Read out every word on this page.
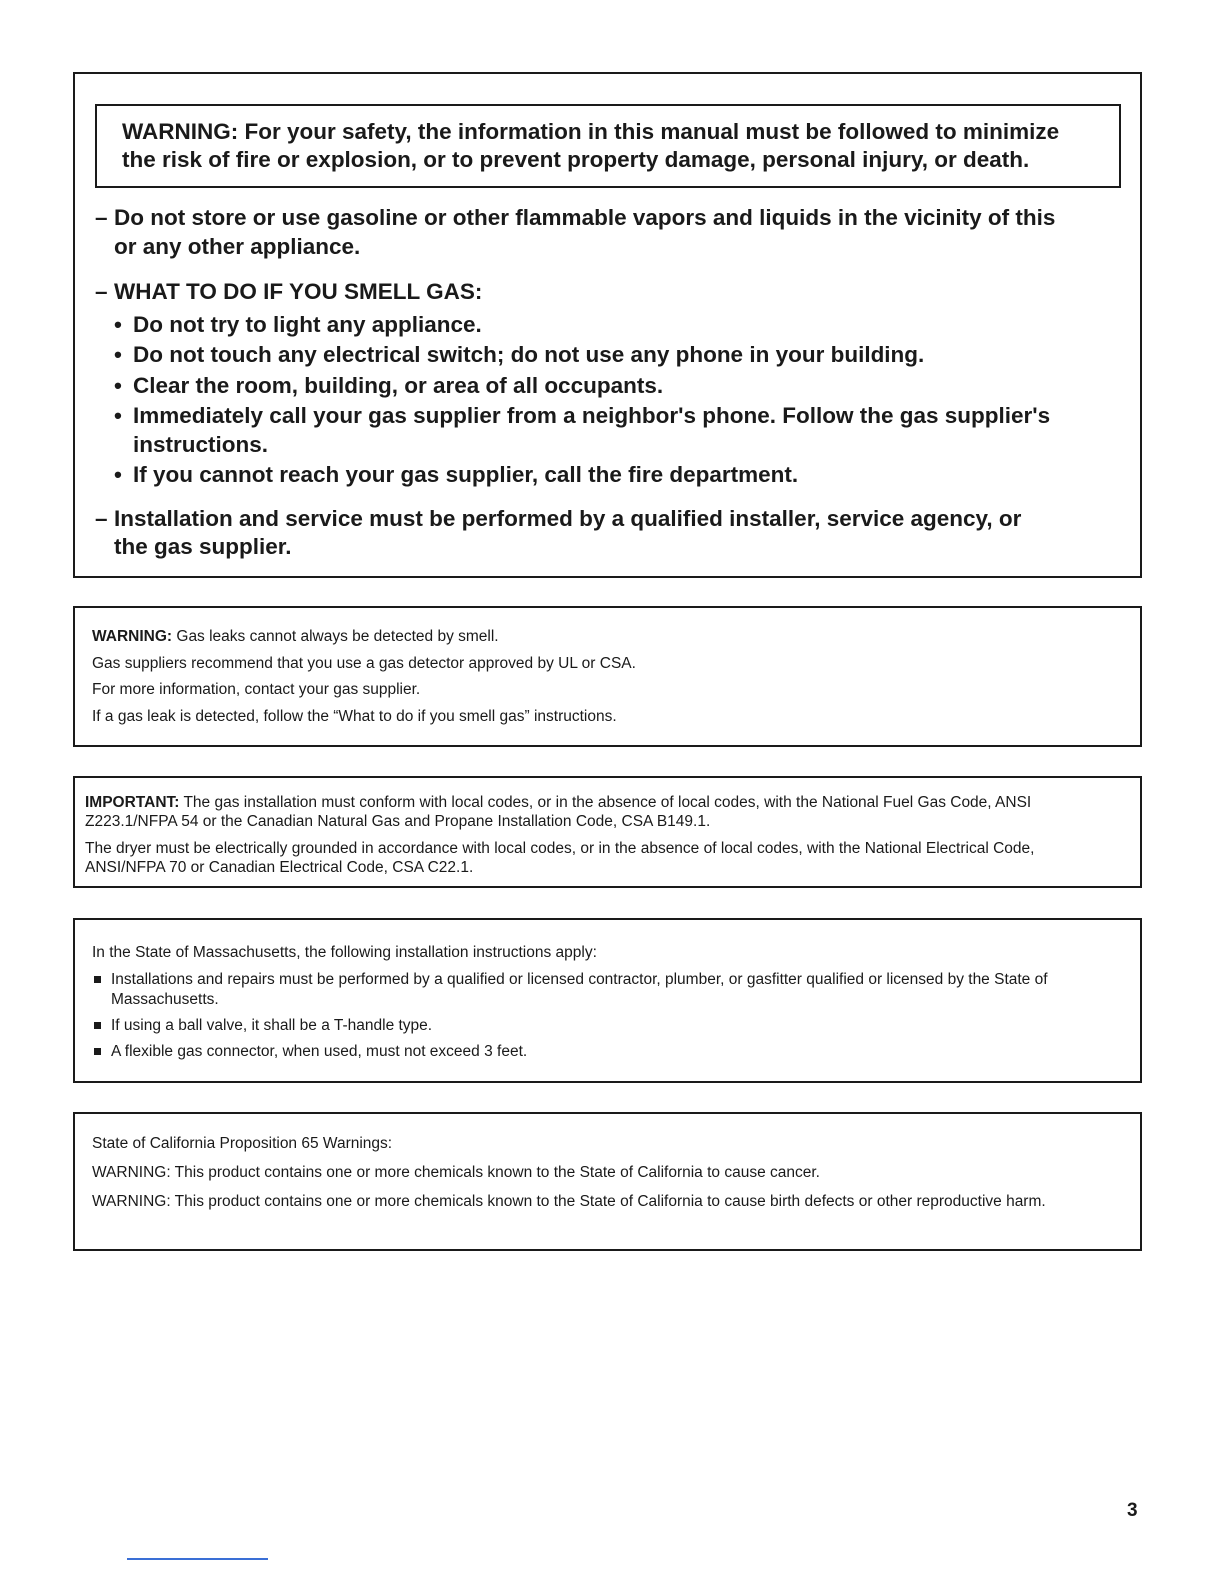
WARNING: For your safety, the information in this manual must be followed to minimize
the risk of fire or explosion, or to prevent property damage, personal injury, or death.
– Do not store or use gasoline or other flammable vapors and liquids in the vicinity of this
or any other appliance.
– WHAT TO DO IF YOU SMELL GAS:
• Do not try to light any appliance.
• Do not touch any electrical switch; do not use any phone in your building.
• Clear the room, building, or area of all occupants.
• Immediately call your gas supplier from a neighbor's phone. Follow the gas supplier's
instructions.
• If you cannot reach your gas supplier, call the fire department.
– Installation and service must be performed by a qualified installer, service agency, or
the gas supplier.

WARNING: Gas leaks cannot always be detected by smell.

Gas suppliers recommend that you use a gas detector approved by UL or CSA.

For more information, contact your gas supplier.

If a gas leak is detected, follow the “What to do if you smell gas” instructions.

IMPORTANT: The gas installation must conform with local codes, or in the absence of local codes, with the National Fuel Gas Code, ANSI Z223.1/NFPA 54 or the Canadian Natural Gas and Propane Installation Code, CSA B149.1.

The dryer must be electrically grounded in accordance with local codes, or in the absence of local codes, with the National Electrical Code, ANSI/NFPA 70 or Canadian Electrical Code, CSA C22.1.

In the State of Massachusetts, the following installation instructions apply:

Installations and repairs must be performed by a qualified or licensed contractor, plumber, or gasfitter qualified or licensed by the State of Massachusetts.
If using a ball valve, it shall be a T-handle type.
A flexible gas connector, when used, must not exceed 3 feet.

State of California Proposition 65 Warnings:

WARNING: This product contains one or more chemicals known to the State of California to cause cancer.

WARNING: This product contains one or more chemicals known to the State of California to cause birth defects or other reproductive harm.

3
